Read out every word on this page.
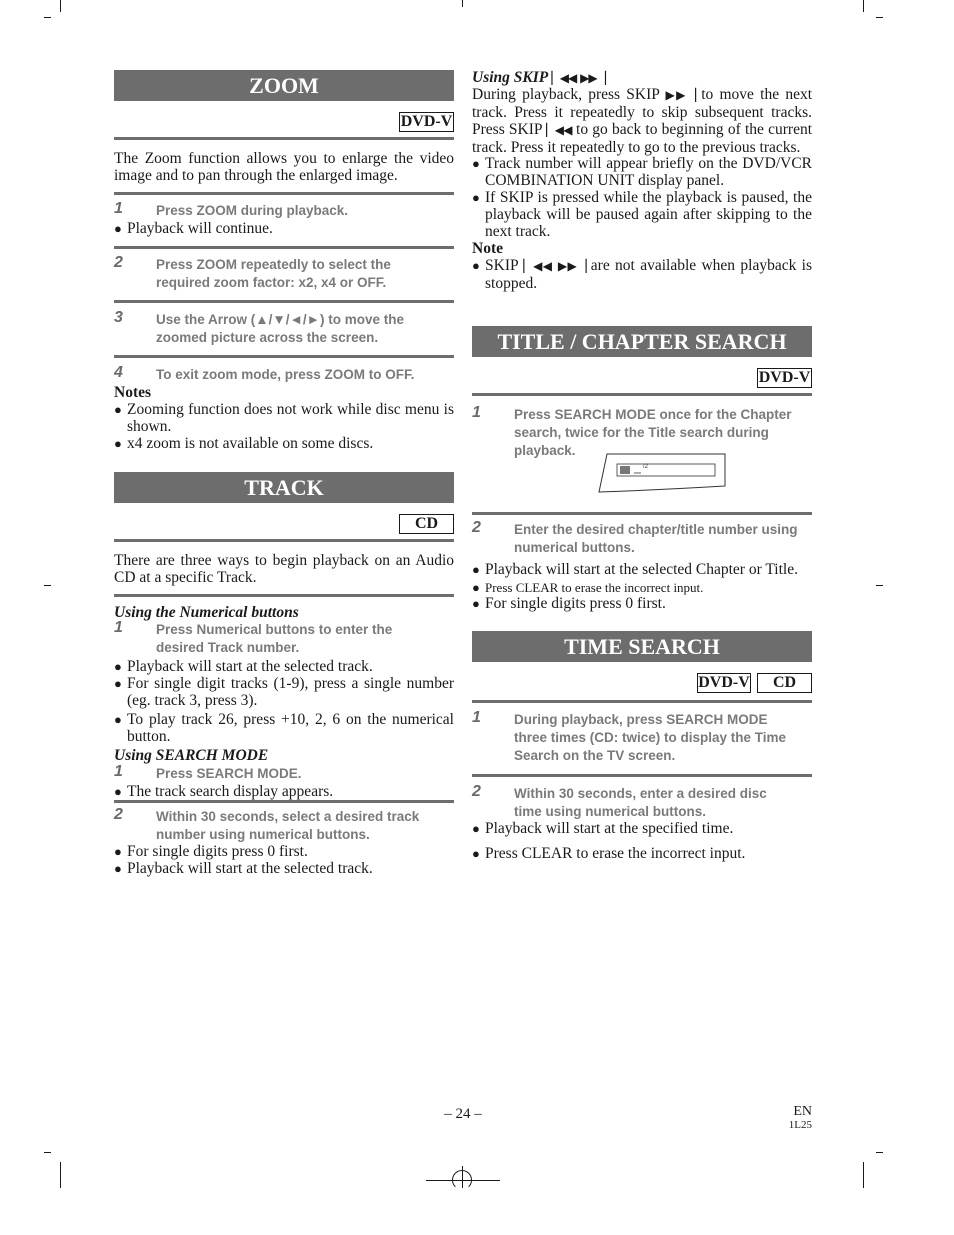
ZOOM
DVD-V
The Zoom function allows you to enlarge the video image and to pan through the enlarged image.
1 Press ZOOM during playback.
● Playback will continue.
2 Press ZOOM repeatedly to select the required zoom factor: x2, x4 or OFF.
3 Use the Arrow (▲/▼/◄/►) to move the zoomed picture across the screen.
4 To exit zoom mode, press ZOOM to OFF.
Notes
● Zooming function does not work while disc menu is shown.
● x4 zoom is not available on some discs.
TRACK
CD
There are three ways to begin playback on an Audio CD at a specific Track.
Using the Numerical buttons
1 Press Numerical buttons to enter the desired Track number.
● Playback will start at the selected track.
● For single digit tracks (1-9), press a single number (eg. track 3, press 3).
● To play track 26, press +10, 2, 6 on the numerical button.
Using SEARCH MODE
1 Press SEARCH MODE.
● The track search display appears.
2 Within 30 seconds, select a desired track number using numerical buttons.
● For single digits press 0 first.
● Playback will start at the selected track.
Using SKIP ▏◀◀ ▶▶▕
During playback, press SKIP ▶▶▕ to move the next track. Press it repeatedly to skip subsequent tracks. Press SKIP ▏◀◀ to go back to beginning of the current track. Press it repeatedly to go to the previous tracks.
● Track number will appear briefly on the DVD/VCR COMBINATION UNIT display panel.
● If SKIP is pressed while the playback is paused, the playback will be paused again after skipping to the next track.
Note
● SKIP ▏◀◀ ▶▶▕ are not available when playback is stopped.
TITLE / CHAPTER SEARCH
DVD-V
1 Press SEARCH MODE once for the Chapter search, twice for the Title search during playback.
/2
2 Enter the desired chapter/title number using numerical buttons.
● Playback will start at the selected Chapter or Title.
● Press CLEAR to erase the incorrect input.
● For single digits press 0 first.
TIME SEARCH
DVD-V	CD
1 During playback, press SEARCH MODE three times (CD: twice) to display the Time Search on the TV screen.
2 Within 30 seconds, enter a desired disc time using numerical buttons.
● Playback will start at the specified time.
● Press CLEAR to erase the incorrect input.
– 24 –	EN
1L25
